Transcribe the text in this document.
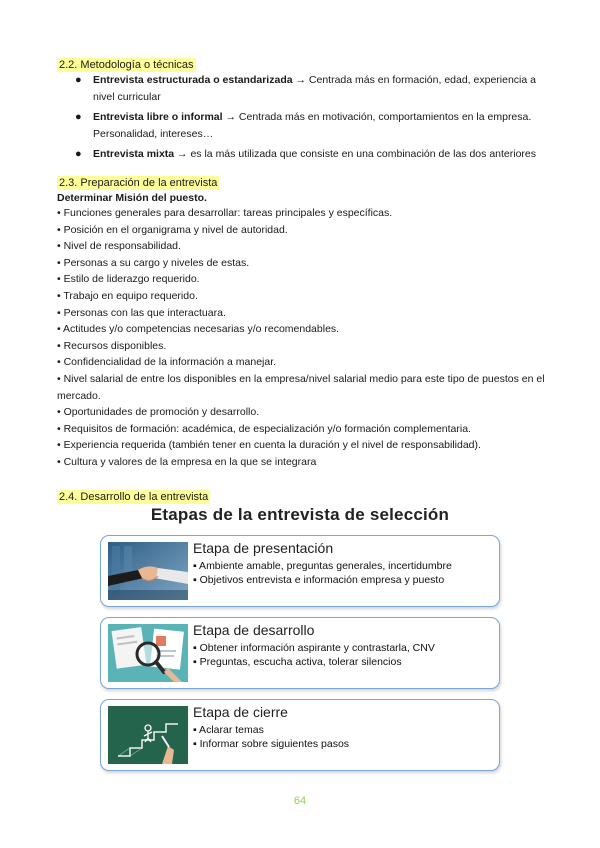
2.2. Metodología o técnicas
● Entrevista estructurada o estandarizada → Centrada más en formación, edad, experiencia a nivel curricular
● Entrevista libre o informal → Centrada más en motivación, comportamientos en la empresa. Personalidad, intereses…
● Entrevista mixta → es la más utilizada que consiste en una combinación de las dos anteriores
2.3. Preparación de la entrevista
Determinar Misión del puesto.
• Funciones generales para desarrollar: tareas principales y específicas.
• Posición en el organigrama y nivel de autoridad.
• Nivel de responsabilidad.
• Personas a su cargo y niveles de estas.
• Estilo de liderazgo requerido.
• Trabajo en equipo requerido.
• Personas con las que interactuara.
• Actitudes y/o competencias necesarias y/o recomendables.
• Recursos disponibles.
• Confidencialidad de la información a manejar.
• Nivel salarial de entre los disponibles en la empresa/nivel salarial medio para este tipo de puestos en el mercado.
• Oportunidades de promoción y desarrollo.
• Requisitos de formación: académica, de especialización y/o formación complementaria.
• Experiencia requerida (también tener en cuenta la duración y el nivel de responsabilidad).
• Cultura y valores de la empresa en la que se integrara
2.4. Desarrollo de la entrevista
Etapas de la entrevista de selección
Etapa de presentación
▪ Ambiente amable, preguntas generales, incertidumbre
▪ Objetivos entrevista e información empresa y puesto
Etapa de desarrollo
▪ Obtener información aspirante y contrastarla, CNV
▪ Preguntas, escucha activa, tolerar silencios
Etapa de cierre
▪ Aclarar temas
▪ Informar sobre siguientes pasos
64
